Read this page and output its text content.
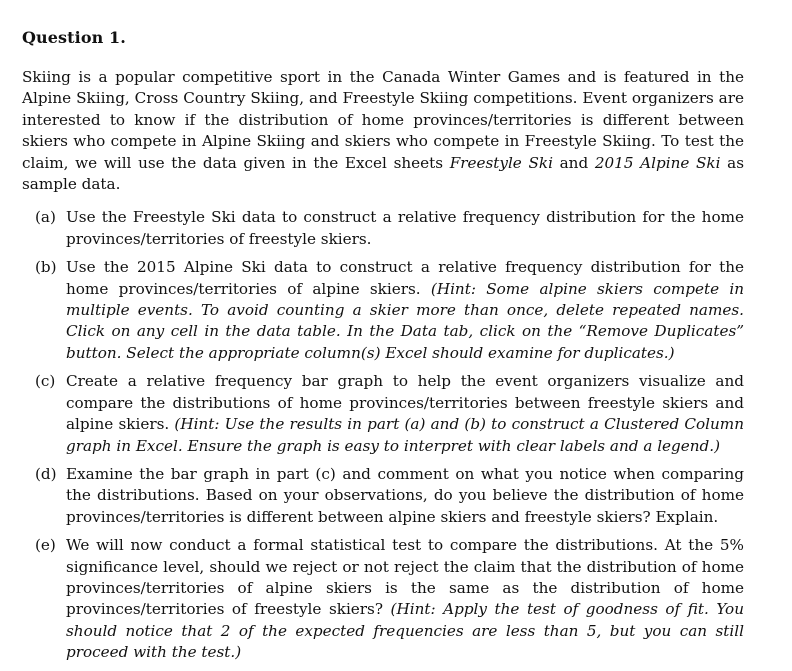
Question 1.

Skiing is a popular competitive sport in the Canada Winter Games and is featured in the Alpine Skiing, Cross Country Skiing, and Freestyle Skiing competitions. Event organizers are interested to know if the distribution of home provinces/territories is different between skiers who compete in Alpine Skiing and skiers who compete in Freestyle Skiing. To test the claim, we will use the data given in the Excel sheets Freestyle Ski and 2015 Alpine Ski as sample data.

(a) Use the Freestyle Ski data to construct a relative frequency distribution for the home provinces/territories of freestyle skiers.
(b) Use the 2015 Alpine Ski data to construct a relative frequency distribution for the home provinces/territories of alpine skiers. (Hint: Some alpine skiers compete in multiple events. To avoid counting a skier more than once, delete repeated names. Click on any cell in the data table. In the Data tab, click on the “Remove Duplicates” button. Select the appropriate column(s) Excel should examine for duplicates.)
(c) Create a relative frequency bar graph to help the event organizers visualize and compare the distributions of home provinces/territories between freestyle skiers and alpine skiers. (Hint: Use the results in part (a) and (b) to construct a Clustered Column graph in Excel. Ensure the graph is easy to interpret with clear labels and a legend.)
(d) Examine the bar graph in part (c) and comment on what you notice when comparing the distributions. Based on your observations, do you believe the distribution of home provinces/territories is different between alpine skiers and freestyle skiers? Explain.
(e) We will now conduct a formal statistical test to compare the distributions. At the 5% significance level, should we reject or not reject the claim that the distribution of home provinces/territories of alpine skiers is the same as the distribution of home provinces/territories of freestyle skiers? (Hint: Apply the test of goodness of fit. You should notice that 2 of the expected frequencies are less than 5, but you can still proceed with the test.)
